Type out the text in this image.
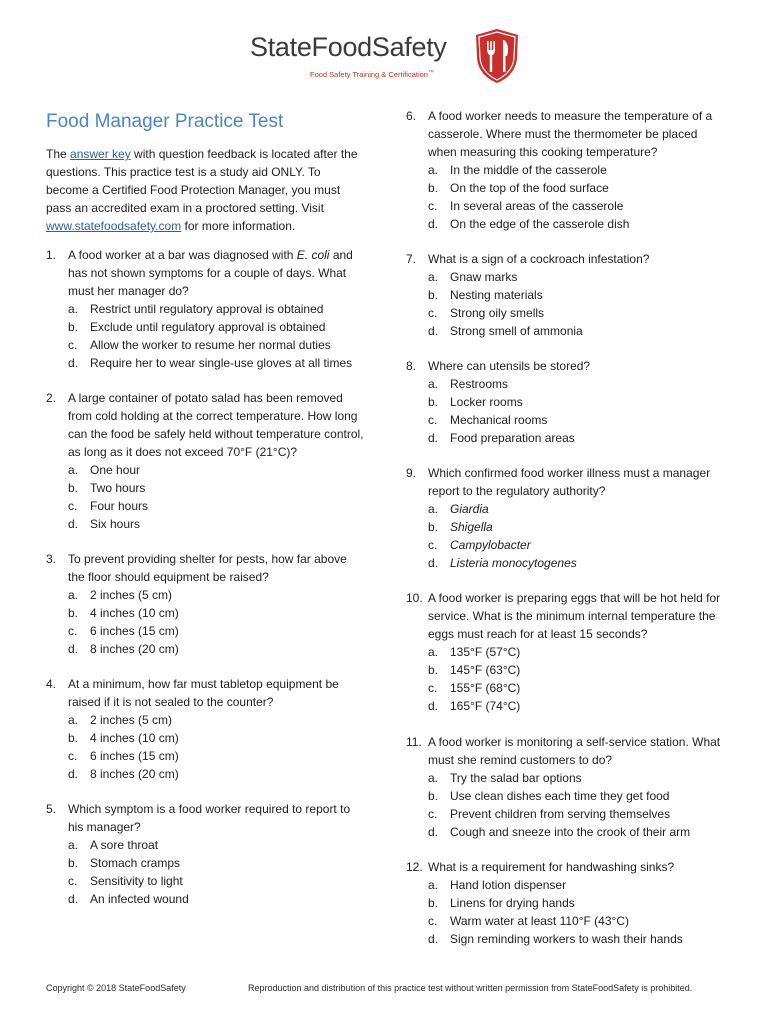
StateFoodSafety
Food Safety Training & Certification™
Food Manager Practice Test
The answer key with question feedback is located after the questions. This practice test is a study aid ONLY. To become a Certified Food Protection Manager, you must pass an accredited exam in a proctored setting. Visit www.statefoodsafety.com for more information.
1. A food worker at a bar was diagnosed with E. coli and has not shown symptoms for a couple of days. What must her manager do?
a. Restrict until regulatory approval is obtained
b. Exclude until regulatory approval is obtained
c.	Allow the worker to resume her normal duties
d. Require her to wear single-use gloves at all times
2. A large container of potato salad has been removed from cold holding at the correct temperature. How long can the food be safely held without temperature control, as long as it does not exceed 70°F (21°C)?
a. One hour
b. Two hours
c.	Four hours
d. Six hours
3. To prevent providing shelter for pests, how far above the floor should equipment be raised?
a. 2 inches (5 cm)
b. 4 inches (10 cm)
c.	6 inches (15 cm)
d. 8 inches (20 cm)
4. At a minimum, how far must tabletop equipment be raised if it is not sealed to the counter?
a. 2 inches (5 cm)
b. 4 inches (10 cm)
c.	6 inches (15 cm)
d. 8 inches (20 cm)
5. Which symptom is a food worker required to report to his manager?
a. A sore throat
b. Stomach cramps
c.	Sensitivity to light
d. An infected wound
6. A food worker needs to measure the temperature of a casserole. Where must the thermometer be placed when measuring this cooking temperature?
a. In the middle of the casserole
b. On the top of the food surface
c.	In several areas of the casserole
d. On the edge of the casserole dish
7. What is a sign of a cockroach infestation?
a. Gnaw marks
b. Nesting materials
c.	Strong oily smells
d. Strong smell of ammonia
8. Where can utensils be stored?
a. Restrooms
b. Locker rooms
c.	Mechanical rooms
d. Food preparation areas
9. Which confirmed food worker illness must a manager report to the regulatory authority?
a. Giardia
b. Shigella
c.	Campylobacter
d. Listeria monocytogenes
10. A food worker is preparing eggs that will be hot held for service. What is the minimum internal temperature the eggs must reach for at least 15 seconds?
a. 135°F (57°C)
b. 145°F (63°C)
c.	155°F (68°C)
d. 165°F (74°C)
11. A food worker is monitoring a self-service station. What must she remind customers to do?
a. Try the salad bar options
b. Use clean dishes each time they get food
c.	Prevent children from serving themselves
d. Cough and sneeze into the crook of their arm
12. What is a requirement for handwashing sinks?
a. Hand lotion dispenser
b. Linens for drying hands
c.	Warm water at least 110°F (43°C)
d. Sign reminding workers to wash their hands
Copyright © 2018 StateFoodSafety	Reproduction and distribution of this practice test without written permission from StateFoodSafety is prohibited.
